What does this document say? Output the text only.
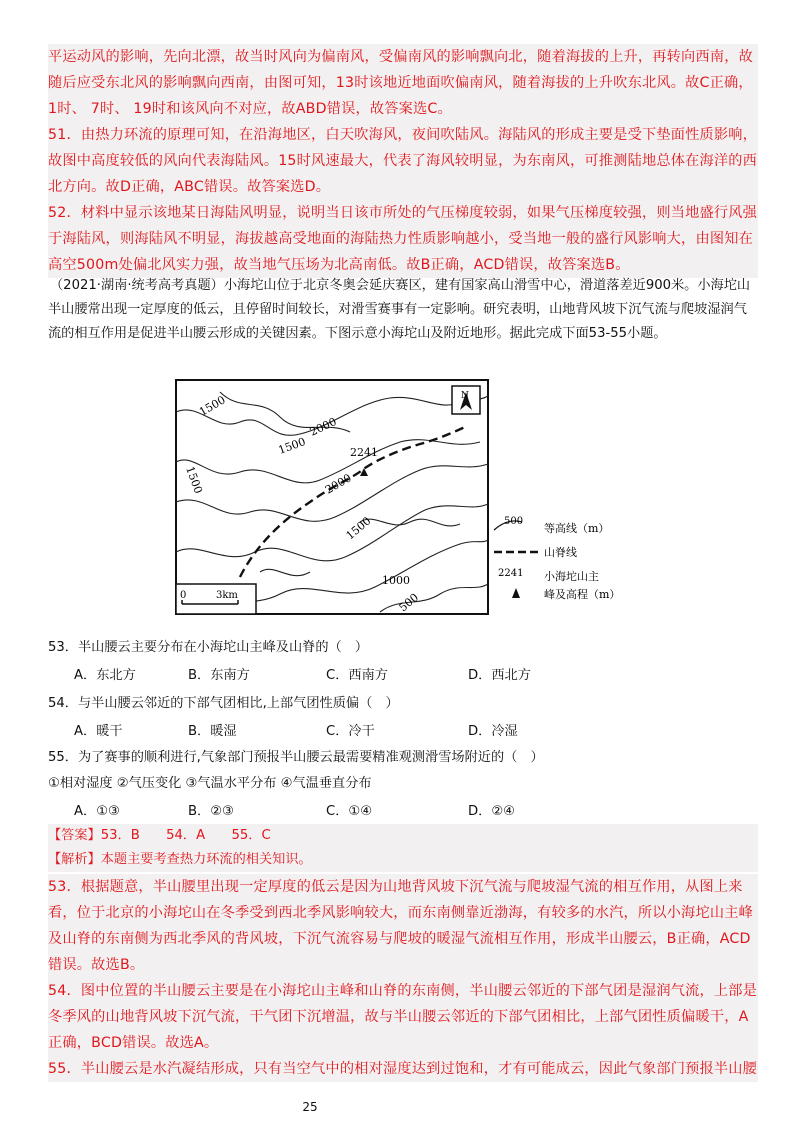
平运动风的影响，先向北漂，故当时风向为偏南风，受偏南风的影响飘向北，随着海拔的上升，再转向西南，故随后应受东北风的影响飘向西南，由图可知，13时该地近地面吹偏南风，随着海拔的上升吹东北风。故C正确，1时、 7时、 19时和该风向不对应，故ABD错误，故答案选C。
51．由热力环流的原理可知，在沿海地区，白天吹海风，夜间吹陆风。海陆风的形成主要是受下垫面性质影响，故图中高度较低的风向代表海陆风。15时风速最大，代表了海风较明显，为东南风，可推测陆地总体在海洋的西北方向。故D正确，ABC错误。故答案选D。
52．材料中显示该地某日海陆风明显，说明当日该市所处的气压梯度较弱，如果气压梯度较强，则当地盛行风强于海陆风，则海陆风不明显，海拔越高受地面的海陆热力性质影响越小，受当地一般的盛行风影响大，由图知在高空500m处偏北风实力强，故当地气压场为北高南低。故B正确，ACD错误，故答案选B。
（2021·湖南·统考高考真题）小海坨山位于北京冬奥会延庆赛区，建有国家高山滑雪中心，滑道落差近900米。小海坨山半山腰常出现一定厚度的低云，且停留时间较长，对滑雪赛事有一定影响。研究表明，山地背风坡下沉气流与爬坡湿润气流的相互作用是促进半山腰云形成的关键因素。下图示意小海坨山及附近地形。据此完成下面53-55小题。
2241
1500
2000
1500
1500	2000
1500
1000
500
N
0	3km
500
等高线（m）
山脊线
2241 小海坨山主
峰及高程（m）
53．半山腰云主要分布在小海坨山主峰及山脊的（　）
A．东北方	B．东南方	C．西南方	D．西北方
54．与半山腰云邻近的下部气团相比,上部气团性质偏（　）
A．暖干	B．暖湿	C．冷干	D．冷湿
55．为了赛事的顺利进行,气象部门预报半山腰云最需要精准观测滑雪场附近的（　）
①相对湿度 ②气压变化 ③气温水平分布 ④气温垂直分布
A．①③	B．②③	C．①④	D．②④
【答案】53．B　　54．A　　55．C
【解析】本题主要考查热力环流的相关知识。
53．根据题意，半山腰里出现一定厚度的低云是因为山地背风坡下沉气流与爬坡湿气流的相互作用，从图上来看，位于北京的小海坨山在冬季受到西北季风影响较大，而东南侧靠近渤海，有较多的水汽，所以小海坨山主峰及山脊的东南侧为西北季风的背风坡，下沉气流容易与爬坡的暖湿气流相互作用，形成半山腰云，B正确，ACD错误。故选B。
54．图中位置的半山腰云主要是在小海坨山主峰和山脊的东南侧，半山腰云邻近的下部气团是湿润气流，上部是冬季风的山地背风坡下沉气流，干气团下沉增温，故与半山腰云邻近的下部气团相比，上部气团性质偏暖干，A正确，BCD错误。故选A。
55．半山腰云是水汽凝结形成，只有当空气中的相对湿度达到过饱和，才有可能成云，因此气象部门预报半山腰
25
